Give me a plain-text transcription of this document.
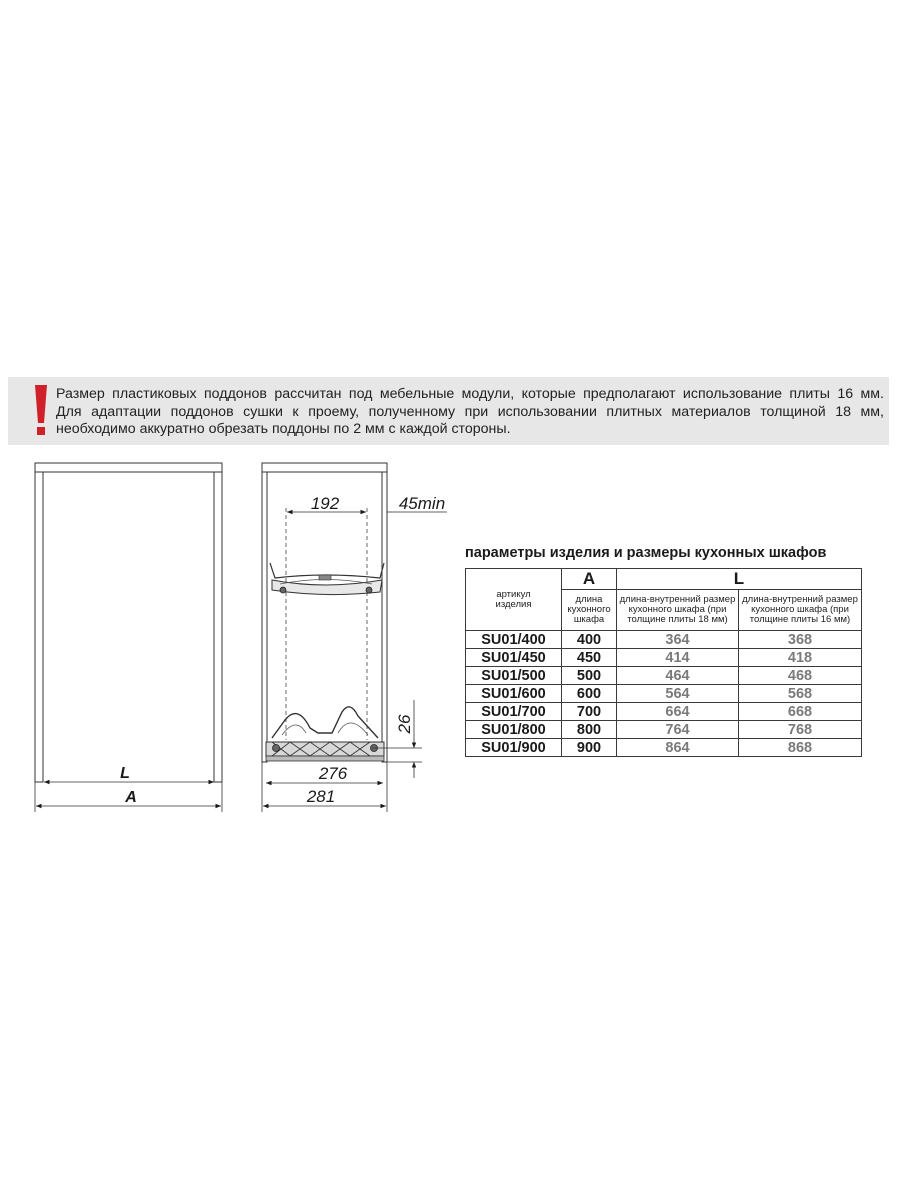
Размер пластиковых поддонов рассчитан под мебельные модули, которые предполагают использование плиты 16 мм.
Для адаптации поддонов сушки к проему, полученному при использовании плитных материалов толщиной 18 мм,
необходимо аккуратно обрезать поддоны по 2 мм с каждой стороны.
L
A
192	45min
26
276
281
параметры изделия и размеры кухонных шкафов
артикул изделия	A	L	
	длина кухонного шкафа	длина-внутренний размер кухонного шкафа (при толщине плиты 18 мм)	длина-внутренний размер кухонного шкафа (при толщине плиты 16 мм)
SU01/400	400	364	368
SU01/450	450	414	418
SU01/500	500	464	468
SU01/600	600	564	568
SU01/700	700	664	668
SU01/800	800	764	768
SU01/900	900	864	868
